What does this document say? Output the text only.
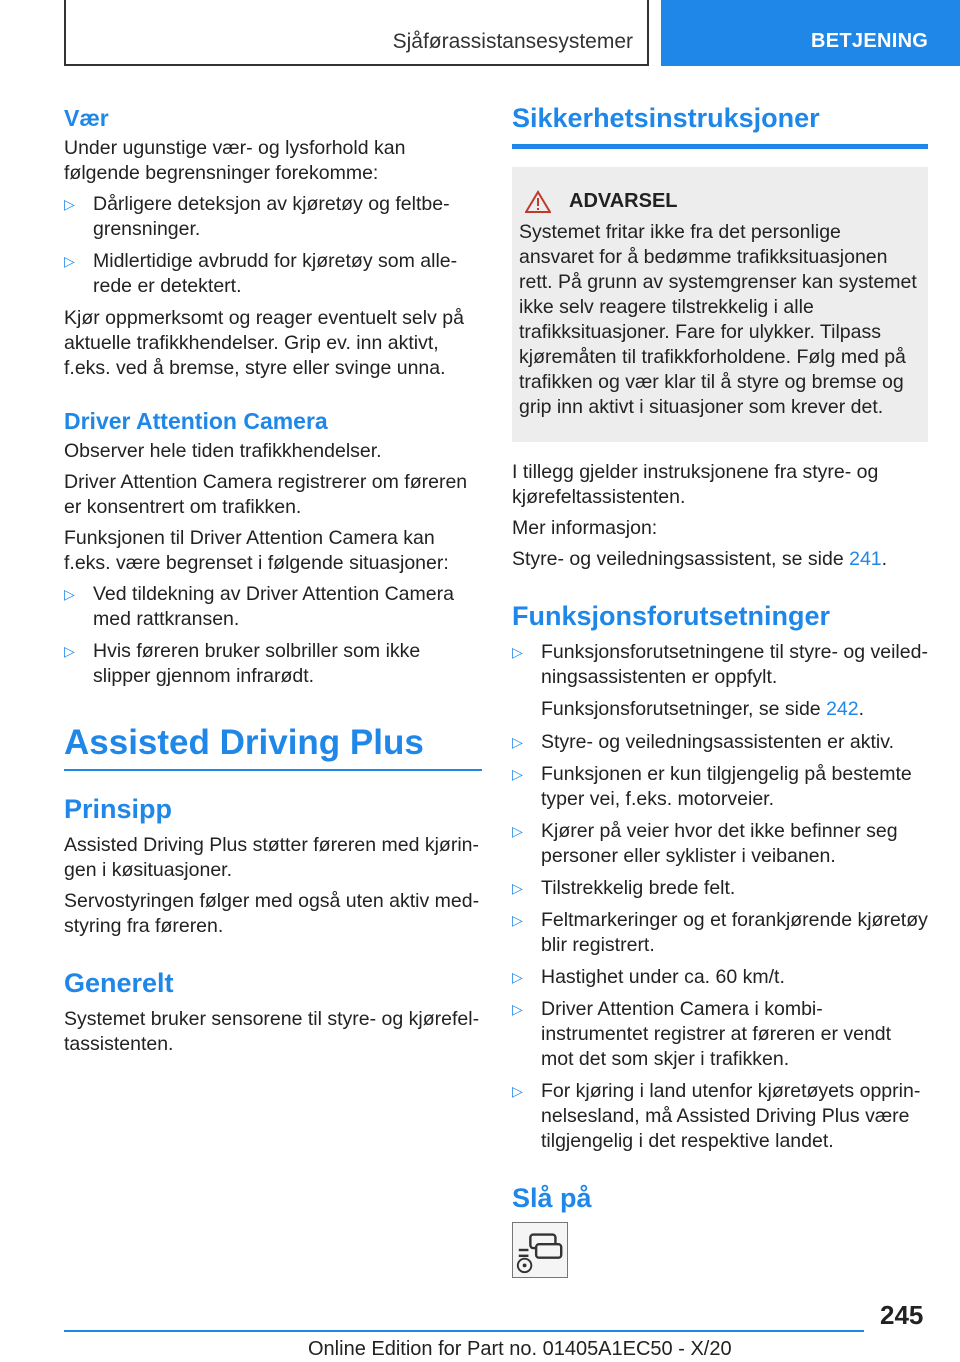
Sjåførassistansesystemer	BETJENING
Vær

Under ugunstige vær- og lysforhold kan følgende begrensninger forekomme:

▷ Dårligere deteksjon av kjøretøy og feltbegrensninger.
▷ Midlertidige avbrudd for kjøretøy som allerede er detektert.

Kjør oppmerksomt og reager eventuelt selv på aktuelle trafikkhendelser. Grip ev. inn aktivt, f.eks. ved å bremse, styre eller svinge unna.

Driver Attention Camera

Observer hele tiden trafikkhendelser.

Driver Attention Camera registrerer om føreren er konsentrert om trafikken.

Funksjonen til Driver Attention Camera kan f.eks. være begrenset i følgende situasjoner:

▷ Ved tildekning av Driver Attention Camera med rattkransen.
▷ Hvis føreren bruker solbriller som ikke slipper gjennom infrarødt.
Assisted Driving Plus
Prinsipp

Assisted Driving Plus støtter føreren med kjøringen i køsituasjoner.

Servostyringen følger med også uten aktiv medstyring fra føreren.

Generelt

Systemet bruker sensorene til styre- og kjørefeltassistenten.

Sikkerhetsinstruksjoner
ADVARSEL

Systemet fritar ikke fra det personlige ansvaret for å bedømme trafikksituasjonen rett. På grunn av systemgrenser kan systemet ikke selv reagere tilstrekkelig i alle trafikksituasjoner. Fare for ulykker. Tilpass kjøremåten til trafikkforholdene. Følg med på trafikken og vær klar til å styre og bremse og grip inn aktivt i situasjoner som krever det.

I tillegg gjelder instruksjonene fra styre- og kjørefeltassistenten.

Mer informasjon:

Styre- og veiledningsassistent, se side 241.

Funksjonsforutsetninger
▷ Funksjonsforutsetningene til styre- og veiledningsassistenten er oppfylt.

Funksjonsforutsetninger, se side 242.

▷ Styre- og veiledningsassistenten er aktiv.
▷ Funksjonen er kun tilgjengelig på bestemte typer vei, f.eks. motorveier.
▷ Kjører på veier hvor det ikke befinner seg personer eller syklister i veibanen.
▷ Tilstrekkelig brede felt.
▷ Feltmarkeringer og et forankjørende kjøretøy blir registrert.
▷ Hastighet under ca. 60 km/t.
▷ Driver Attention Camera i kombi-instrumentet registrer at føreren er vendt mot det som skjer i trafikken.
▷ For kjøring i land utenfor kjøretøyets opprinnelsesland, må Assisted Driving Plus være tilgjengelig i det respektive landet.
Slå på
245
Online Edition for Part no. 01405A1EC50 - X/20
